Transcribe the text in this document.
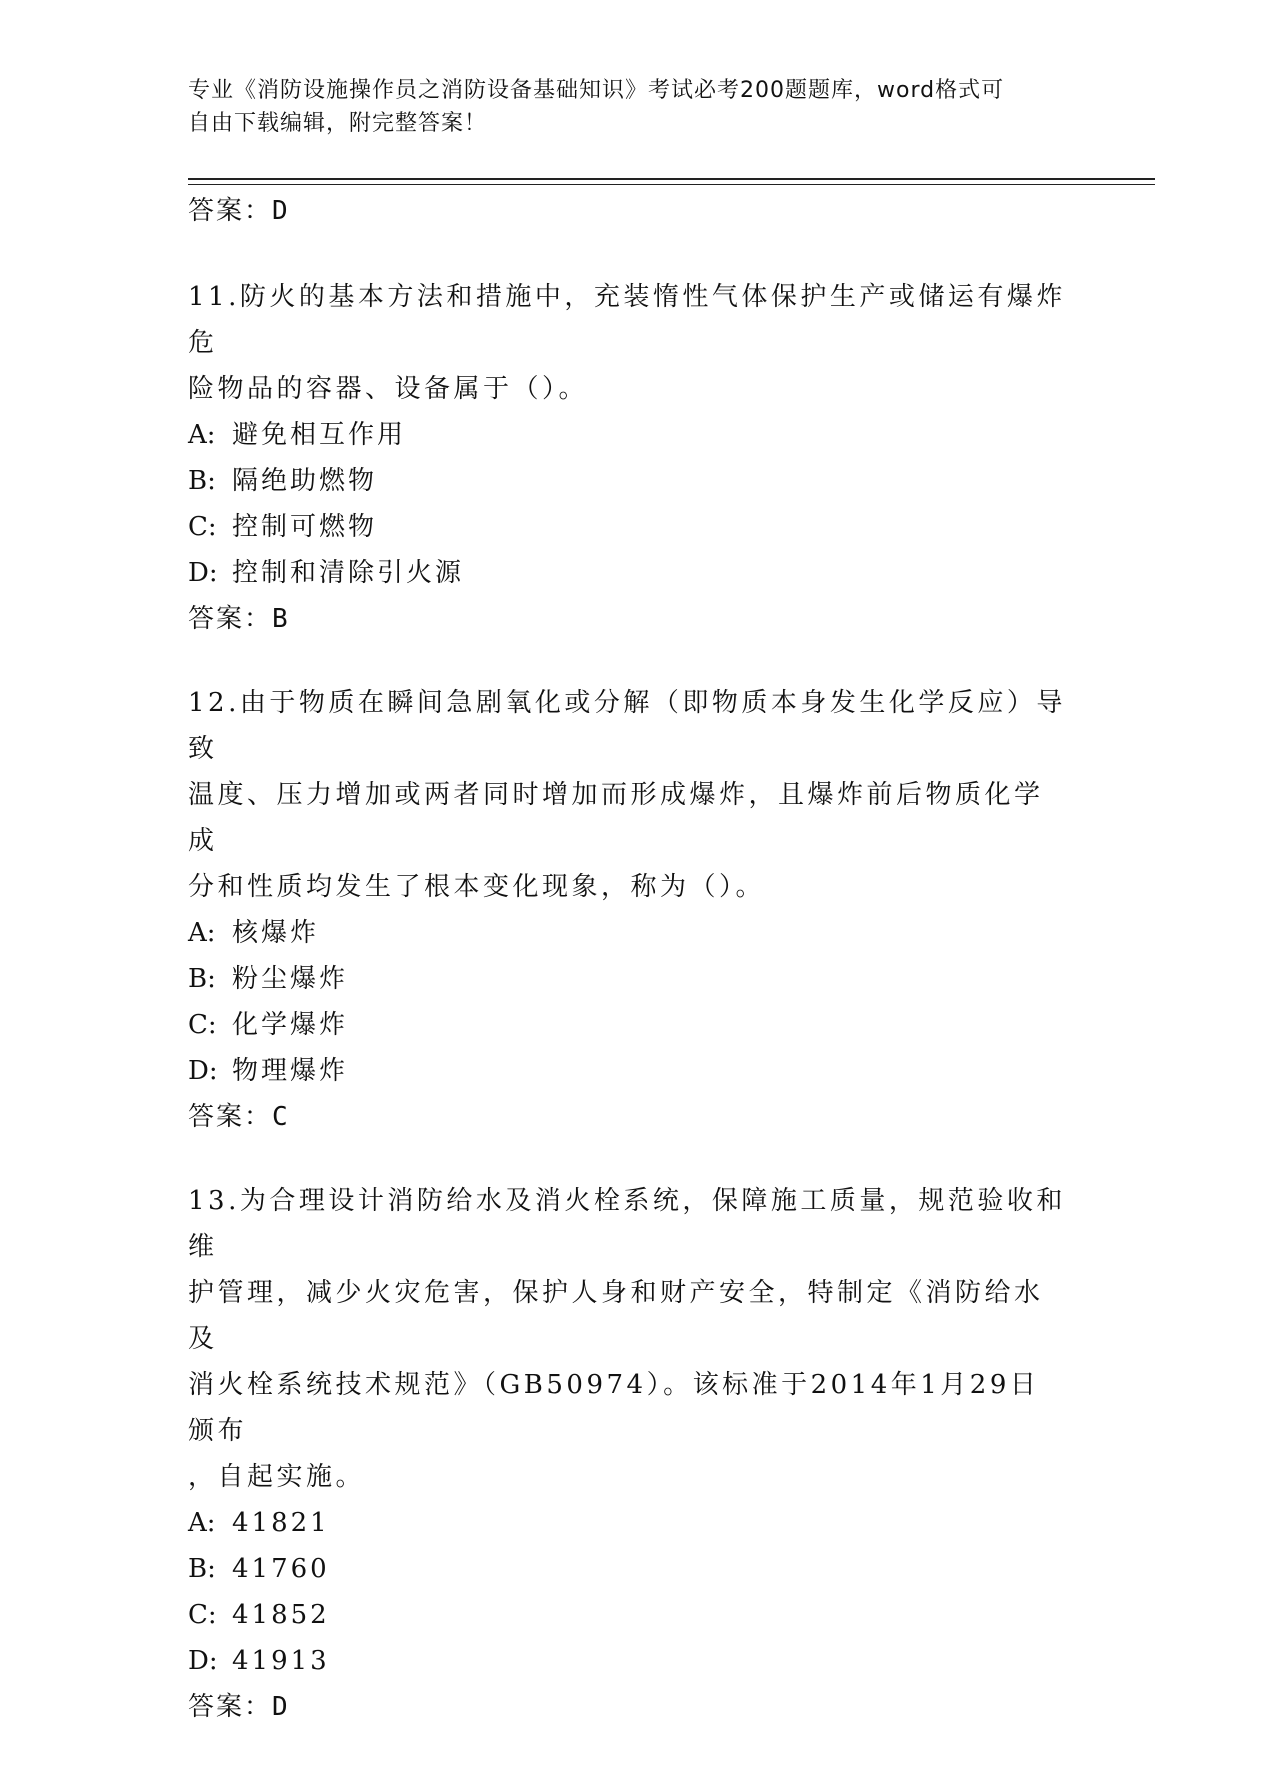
专业《消防设施操作员之消防设备基础知识》考试必考200题题库，word格式可
自由下载编辑，附完整答案！
答案：D
11.防火的基本方法和措施中，充装惰性气体保护生产或储运有爆炸危
险物品的容器、设备属于（）。
A: 避免相互作用
B: 隔绝助燃物
C: 控制可燃物
D: 控制和清除引火源
答案：B
12.由于物质在瞬间急剧氧化或分解（即物质本身发生化学反应）导致
温度、压力增加或两者同时增加而形成爆炸，且爆炸前后物质化学成
分和性质均发生了根本变化现象，称为（）。
A: 核爆炸
B: 粉尘爆炸
C: 化学爆炸
D: 物理爆炸
答案：C
13.为合理设计消防给水及消火栓系统，保障施工质量，规范验收和维
护管理，减少火灾危害，保护人身和财产安全，特制定《消防给水及
消火栓系统技术规范》（GB50974）。该标准于2014年1月29日颁布
，自起实施。
A: 41821
B: 41760
C: 41852
D: 41913
答案：D
